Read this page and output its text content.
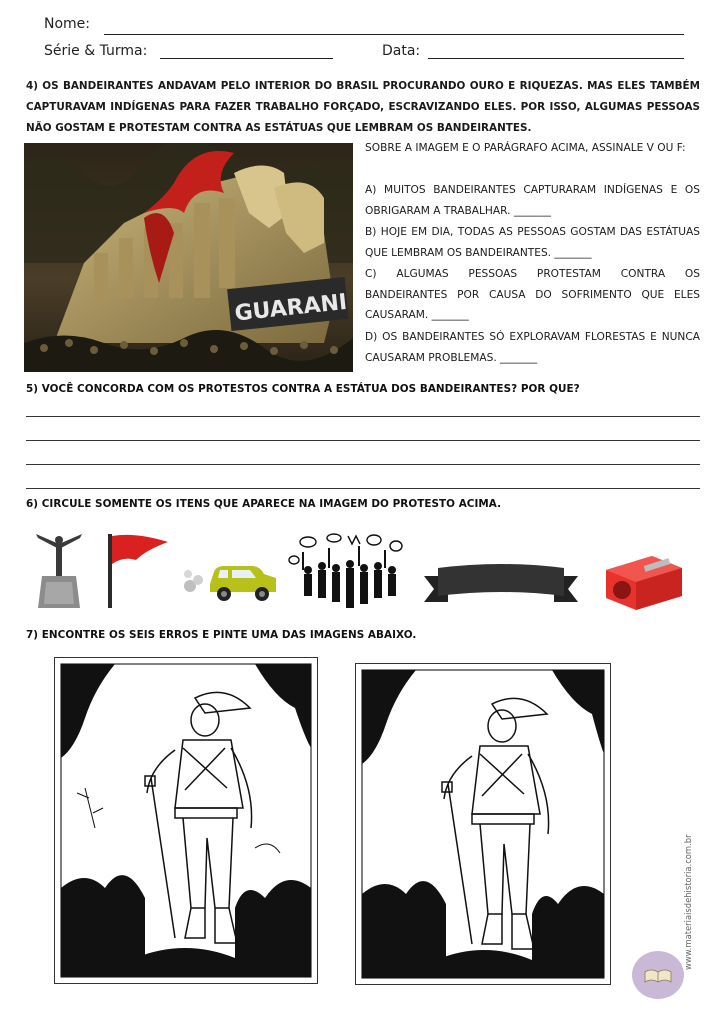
Nome:
Série & Turma:	Data:
4) OS BANDEIRANTES ANDAVAM PELO INTERIOR DO BRASIL PROCURANDO OURO E RIQUEZAS. MAS ELES TAMBÉM CAPTURAVAM INDÍGENAS PARA FAZER TRABALHO FORÇADO, ESCRAVIZANDO ELES. POR ISSO, ALGUMAS PESSOAS NÃO GOSTAM E PROTESTAM CONTRA AS ESTÁTUAS QUE LEMBRAM OS BANDEIRANTES.
GUARANI
SOBRE A IMAGEM E O PARÁGRAFO ACIMA, ASSINALE V OU F:
A) MUITOS BANDEIRANTES CAPTURARAM INDÍGENAS E OS OBRIGARAM A TRABALHAR. _______
B) HOJE EM DIA, TODAS AS PESSOAS GOSTAM DAS ESTÁTUAS QUE LEMBRAM OS BANDEIRANTES. _______
C) ALGUMAS PESSOAS PROTESTAM CONTRA OS BANDEIRANTES POR CAUSA DO SOFRIMENTO QUE ELES CAUSARAM. _______
D) OS BANDEIRANTES SÓ EXPLORAVAM FLORESTAS E NUNCA CAUSARAM PROBLEMAS. _______
5) VOCÊ CONCORDA COM OS PROTESTOS CONTRA A ESTÁTUA DOS BANDEIRANTES? POR QUE?
6) CIRCULE SOMENTE OS ITENS QUE APARECE NA IMAGEM DO PROTESTO ACIMA.
7) ENCONTRE OS SEIS ERROS E PINTE UMA DAS IMAGENS ABAIXO.
www.materiaisdehistoria.com.br
